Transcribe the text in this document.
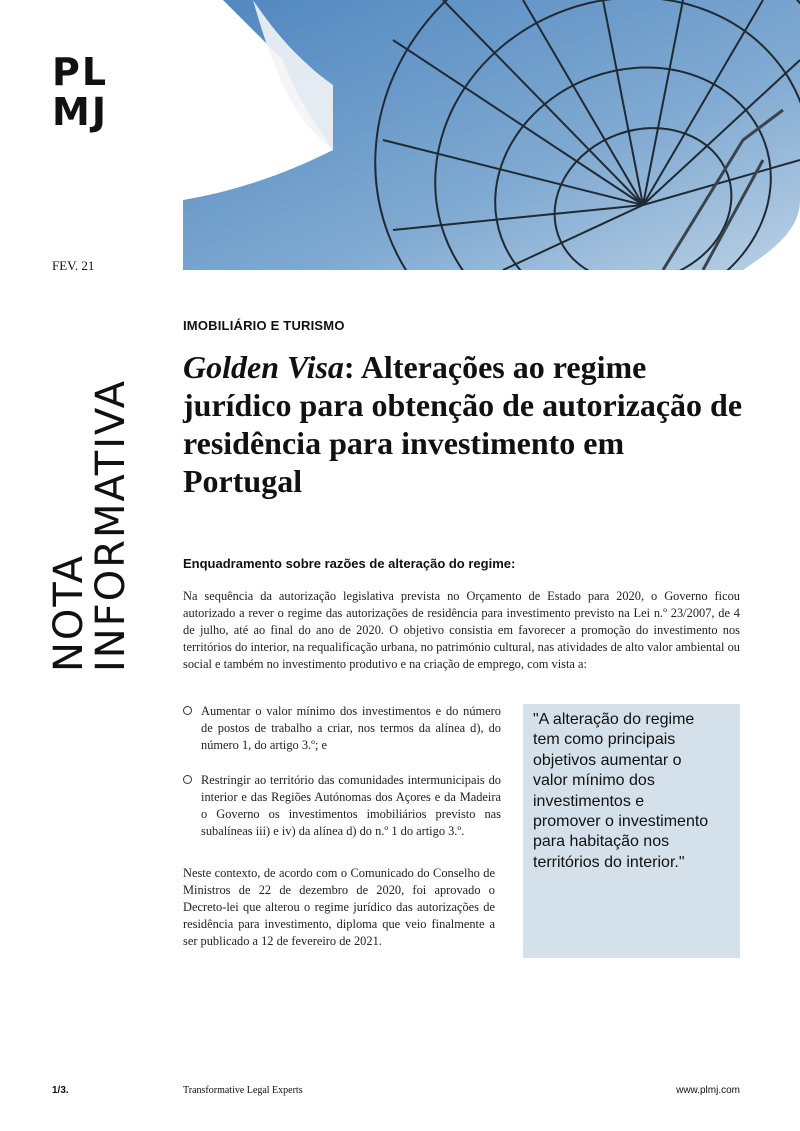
PL
MJ
FEV. 21
NOTA
INFORMATIVA
IMOBILIÁRIO E TURISMO
Golden Visa: Alterações ao regime jurídico para obtenção de autorização de residência para investimento em Portugal
Enquadramento sobre razões de alteração do regime:

Na sequência da autorização legislativa prevista no Orçamento de Estado para 2020, o Governo ficou autorizado a rever o regime das autorizações de residência para investimento previsto na Lei n.º 23/2007, de 4 de julho, até ao final do ano de 2020. O objetivo consistia em favorecer a promoção do investimento nos territórios do interior, na requalificação urbana, no património cultural, nas atividades de alto valor ambiental ou social e também no investimento produtivo e na criação de emprego, com vista a:

Aumentar o valor mínimo dos investimentos e do número de postos de trabalho a criar, nos termos da alínea d), do número 1, do artigo 3.º; e
Restringir ao território das comunidades intermunicipais do interior e das Regiões Autónomas dos Açores e da Madeira o Governo os investimentos imobiliários previsto nas subalíneas iii) e iv) da alínea d) do n.º 1 do artigo 3.º.

Neste contexto, de acordo com o Comunicado do Conselho de Ministros de 22 de dezembro de 2020, foi aprovado o Decreto-lei que alterou o regime jurídico das autorizações de residência para investimento, diploma que veio finalmente a ser publicado a 12 de fevereiro de 2021.

"A alteração do regime tem como principais objetivos aumentar o valor mínimo dos investimentos e promover o investimento para habitação nos territórios do interior."

1/3.	Transformative Legal Experts	www.plmj.com
